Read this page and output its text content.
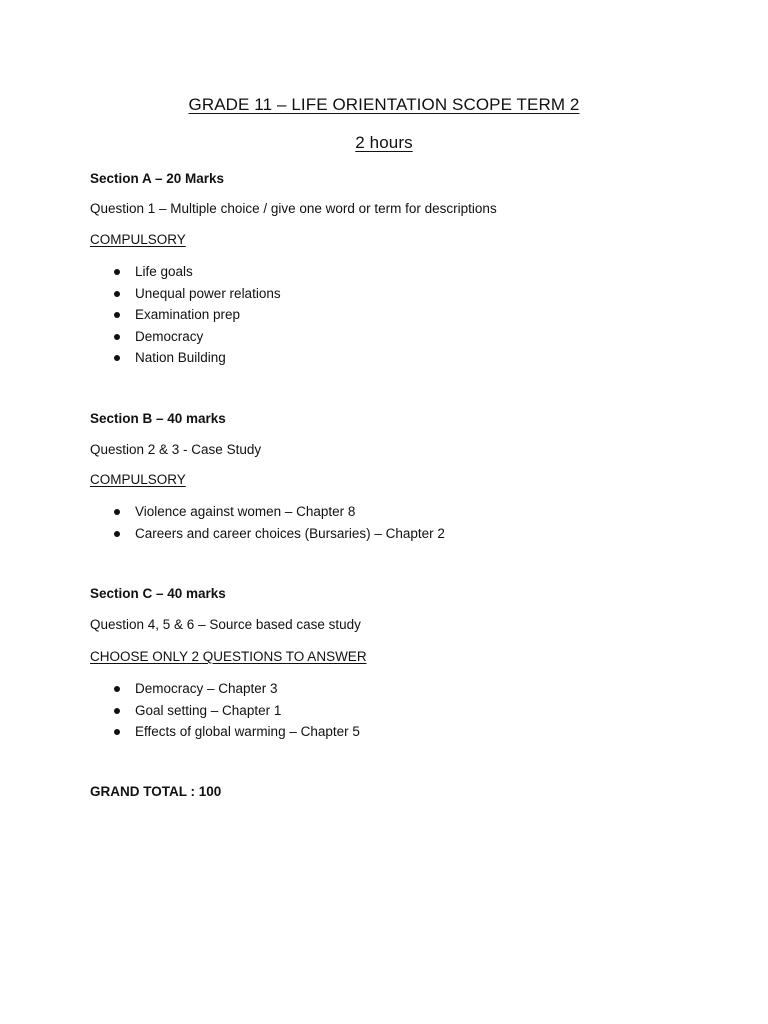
GRADE 11 – LIFE ORIENTATION SCOPE TERM 2
2 hours
Section A – 20 Marks
Question 1 – Multiple choice / give one word or term for descriptions
COMPULSORY
Life goals
Unequal power relations
Examination prep
Democracy
Nation Building
Section B – 40 marks
Question 2 & 3 - Case Study
COMPULSORY
Violence against women – Chapter 8
Careers and career choices (Bursaries) – Chapter 2
Section C – 40 marks
Question 4, 5 & 6 – Source based case study
CHOOSE ONLY 2 QUESTIONS TO ANSWER
Democracy – Chapter 3
Goal setting – Chapter 1
Effects of global warming – Chapter 5
GRAND TOTAL : 100
